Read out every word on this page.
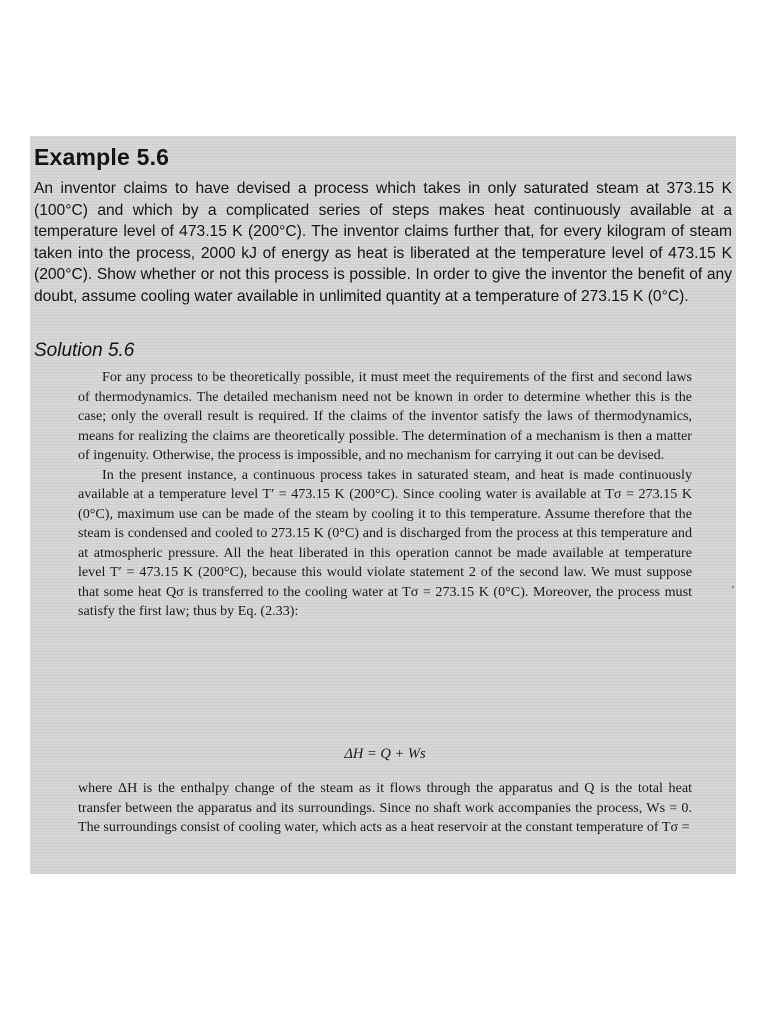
Example 5.6
An inventor claims to have devised a process which takes in only saturated steam at 373.15 K (100°C) and which by a complicated series of steps makes heat continuously available at a temperature level of 473.15 K (200°C). The inventor claims further that, for every kilogram of steam taken into the process, 2000 kJ of energy as heat is liberated at the temperature level of 473.15 K (200°C). Show whether or not this process is possible. In order to give the inventor the benefit of any doubt, assume cooling water available in unlimited quantity at a temperature of 273.15 K (0°C).
Solution 5.6

For any process to be theoretically possible, it must meet the requirements of the first and second laws of thermodynamics. The detailed mechanism need not be known in order to determine whether this is the case; only the overall result is required. If the claims of the inventor satisfy the laws of thermodynamics, means for realizing the claims are theoretically possible. The determination of a mechanism is then a matter of ingenuity. Otherwise, the process is impossible, and no mechanism for carrying it out can be devised.

In the present instance, a continuous process takes in saturated steam, and heat is made continuously available at a temperature level T′ = 473.15 K (200°C). Since cooling water is available at Tσ = 273.15 K (0°C), maximum use can be made of the steam by cooling it to this temperature. Assume therefore that the steam is condensed and cooled to 273.15 K (0°C) and is discharged from the process at this temperature and at atmospheric pressure. All the heat liberated in this operation cannot be made available at temperature level T′ = 473.15 K (200°C), because this would violate statement 2 of the second law. We must suppose that some heat Qσ is transferred to the cooling water at Tσ = 273.15 K (0°C). Moreover, the process must satisfy the first law; thus by Eq. (2.33):

ΔH = Q + Ws

where ΔH is the enthalpy change of the steam as it flows through the apparatus and Q is the total heat transfer between the apparatus and its surroundings. Since no shaft work accompanies the process, Ws = 0. The surroundings consist of cooling water, which acts as a heat reservoir at the constant temperature of Tσ =
